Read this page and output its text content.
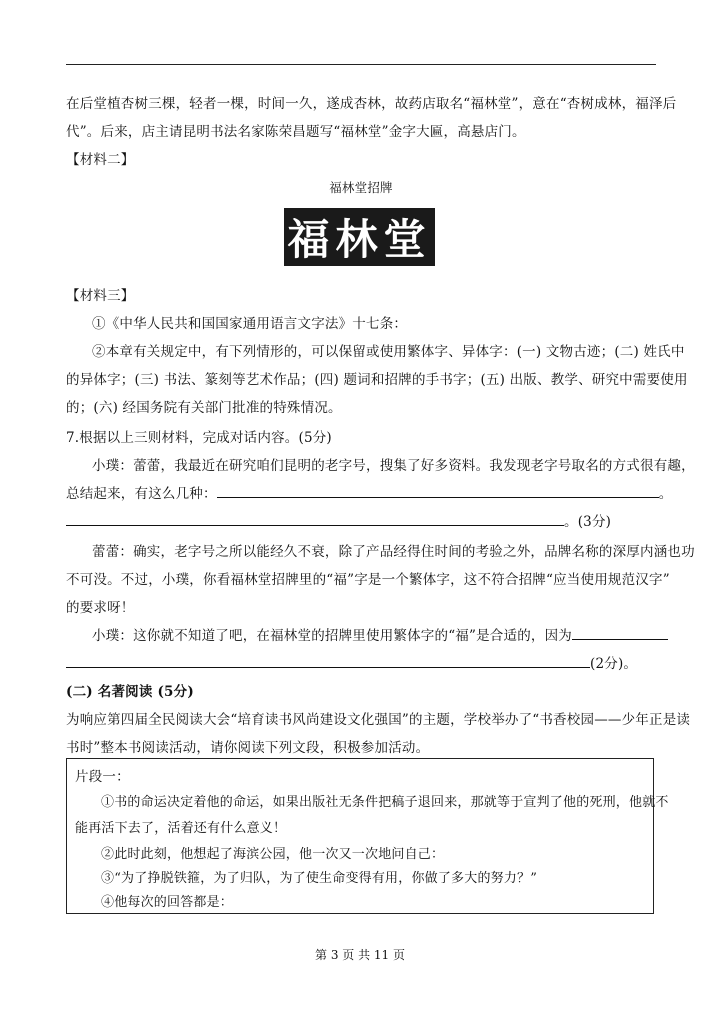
在后堂植杏树三棵，轻者一棵，时间一久，遂成杏林，故药店取名“福林堂”，意在“杏树成林，福泽后
代”。后来，店主请昆明书法名家陈荣昌题写“福林堂”金字大匾，高悬店门。
【材料二】
福林堂招牌
福林堂
【材料三】
①《中华人民共和国国家通用语言文字法》十七条：
②本章有关规定中，有下列情形的，可以保留或使用繁体字、异体字：(一) 文物古迹；(二) 姓氏中
的异体字；(三) 书法、篆刻等艺术作品；(四) 题词和招牌的手书字；(五) 出版、教学、研究中需要使用
的；(六) 经国务院有关部门批准的特殊情况。
7.根据以上三则材料，完成对话内容。(5分)
小璞：蕾蕾，我最近在研究咱们昆明的老字号，搜集了好多资料。我发现老字号取名的方式很有趣，
总结起来，有这么几种：	。
。(3分)
蕾蕾：确实，老字号之所以能经久不衰，除了产品经得住时间的考验之外，品牌名称的深厚内涵也功
不可没。不过，小璞，你看福林堂招牌里的“福”字是一个繁体字，这不符合招牌“应当使用规范汉字”
的要求呀！
小璞：这你就不知道了吧，在福林堂的招牌里使用繁体字的“福”是合适的，因为
(2分)。
(二) 名著阅读 (5分)
为响应第四届全民阅读大会“培育读书风尚建设文化强国”的主题，学校举办了“书香校园——少年正是读
书时”整本书阅读活动，请你阅读下列文段，积极参加活动。
片段一：
①书的命运决定着他的命运，如果出版社无条件把稿子退回来，那就等于宣判了他的死刑，他就不
能再活下去了，活着还有什么意义！
②此时此刻，他想起了海滨公园，他一次又一次地问自己：
③“为了挣脱铁箍，为了归队，为了使生命变得有用，你做了多大的努力？”
④他每次的回答都是：
第 3 页 共 11 页
